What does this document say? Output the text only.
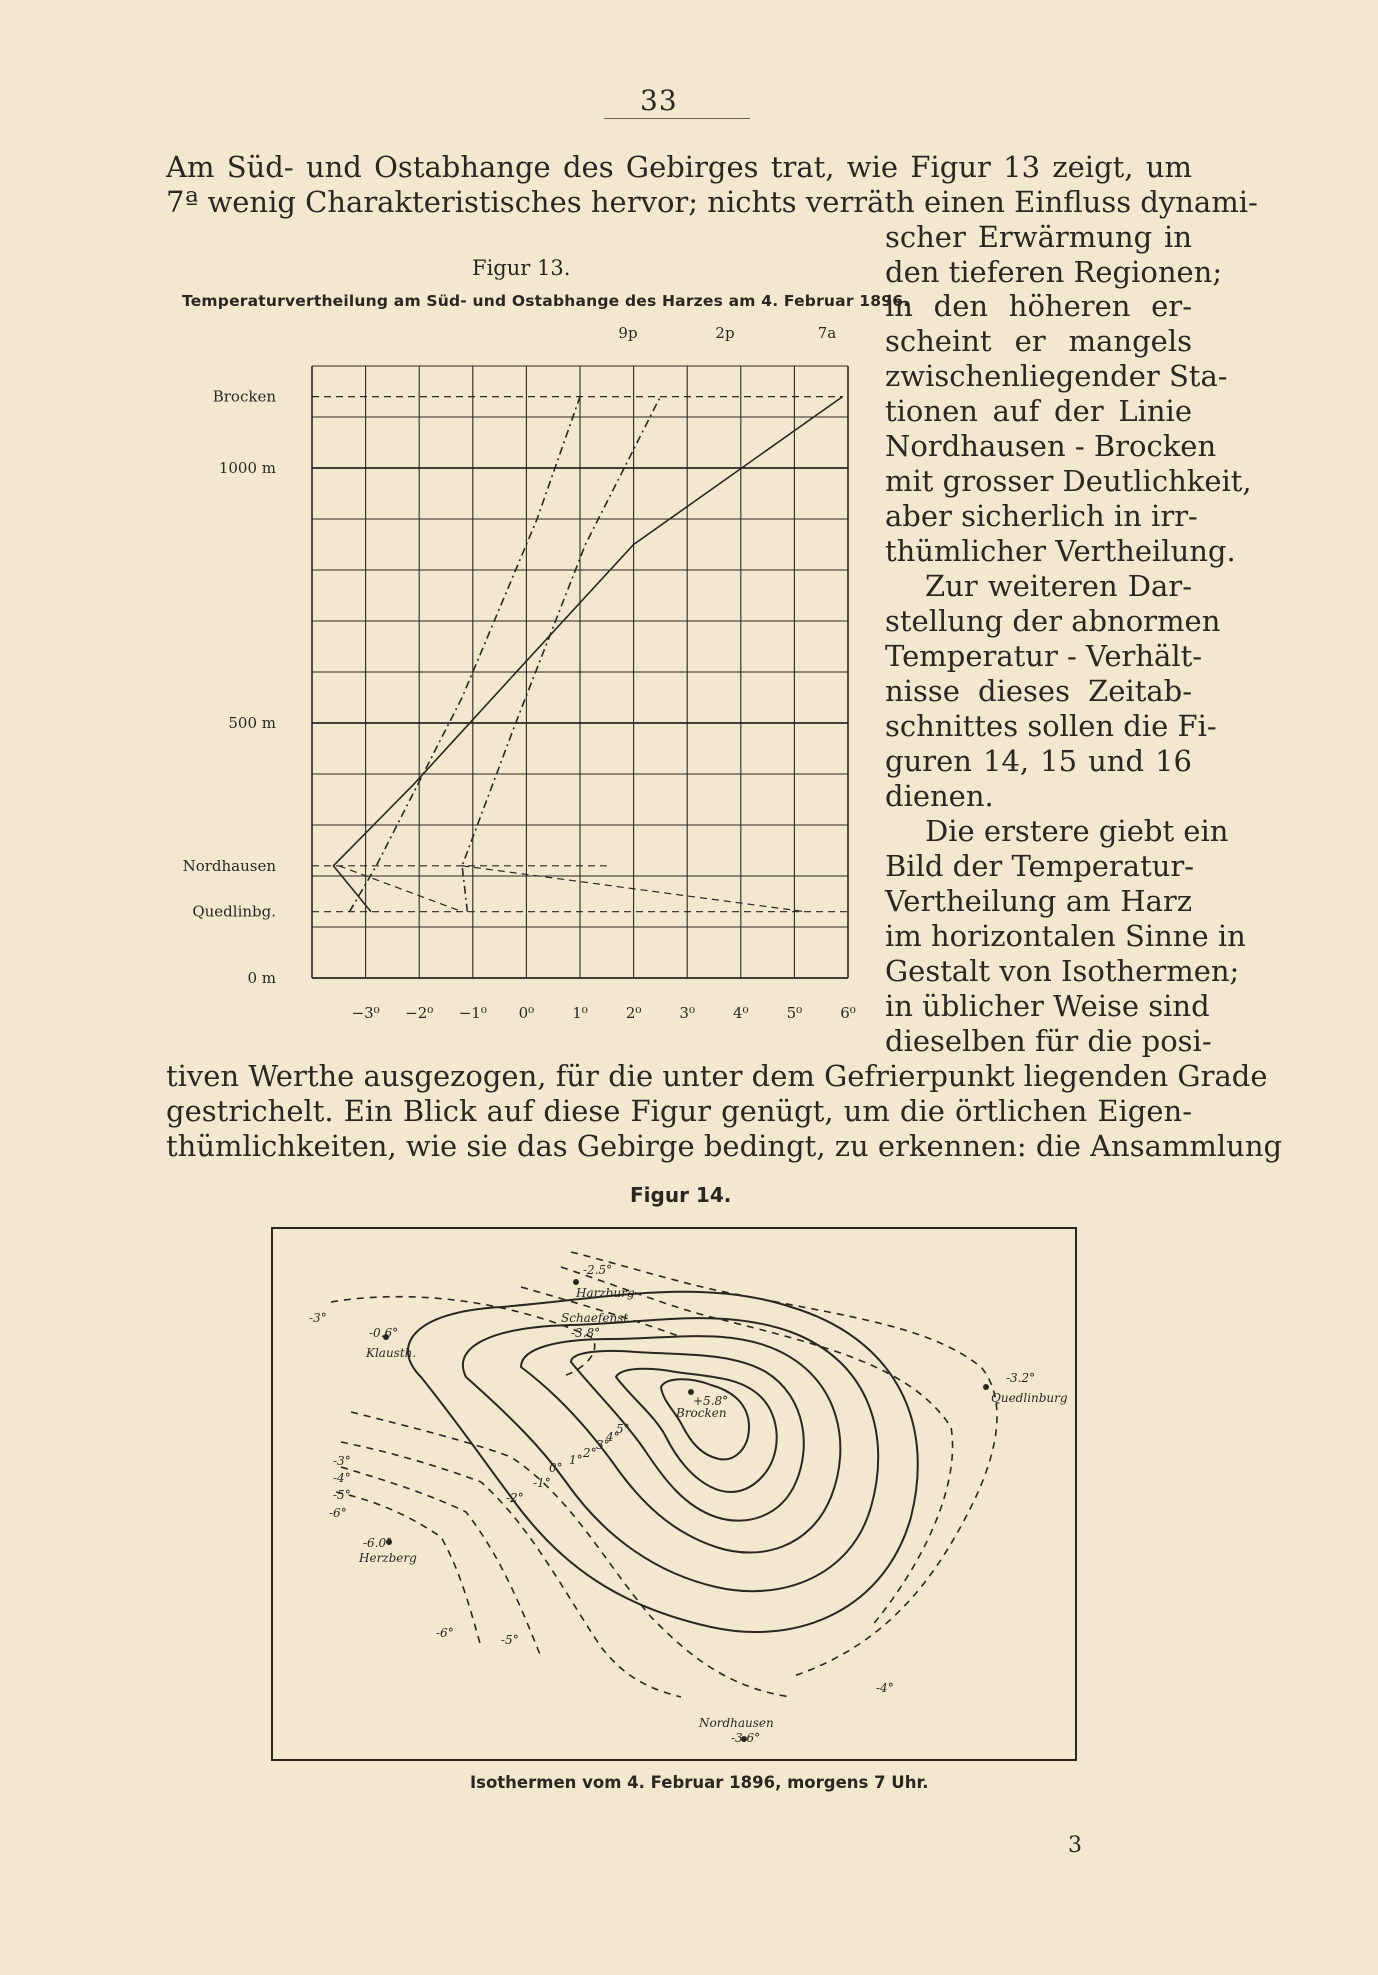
33
Am Süd- und Ostabhange des Gebirges trat, wie Figur 13 zeigt, um
7ª wenig Charakteristisches hervor; nichts verräth einen Einfluss dynami-
scher Erwärmung in
den tieferen Regionen;
in den höheren er-
scheint er mangels
zwischenliegender Sta-
tionen auf der Linie
Nordhausen - Brocken
mit grosser Deutlichkeit,
aber sicherlich in irr-
thümlicher Vertheilung.
Zur weiteren Dar-
stellung der abnormen
Temperatur - Verhält-
nisse dieses Zeitab-
schnittes sollen die Fi-
guren 14, 15 und 16
dienen.
Die erstere giebt ein
Bild der Temperatur-
Vertheilung am Harz
im horizontalen Sinne in
Gestalt von Isothermen;
in üblicher Weise sind
dieselben für die posi-
tiven Werthe ausgezogen, für die unter dem Gefrierpunkt liegenden Grade
gestrichelt. Ein Blick auf diese Figur genügt, um die örtlichen Eigen-
thümlichkeiten, wie sie das Gebirge bedingt, zu erkennen: die Ansammlung
Figur 13.
Temperaturvertheilung am Süd- und Ostabhange des Harzes am 4. Februar 1896.
9p	2p	7a
Brocken
1000 m
500 m
Nordhausen
Quedlinbg.
0 m
−3⁰ −2⁰ −1⁰ 0⁰	1⁰	2⁰	3⁰	4⁰	5⁰	6⁰
Figur 14.
Schaefenst
Harzburg
Klausth.
Brocken
Quedlinburg
Nordhausen
Herzberg
+5.8°
-3.2°
-3.8°
-2.5°
-0.6°
-6.0°
-3.6°
-3°
-3°
-4°
-5°
-6°
-6°	-5°
-4°
-2°
-1°
0°
1° 2°
3°
4°
5°
Isothermen vom 4. Februar 1896, morgens 7 Uhr.
3
